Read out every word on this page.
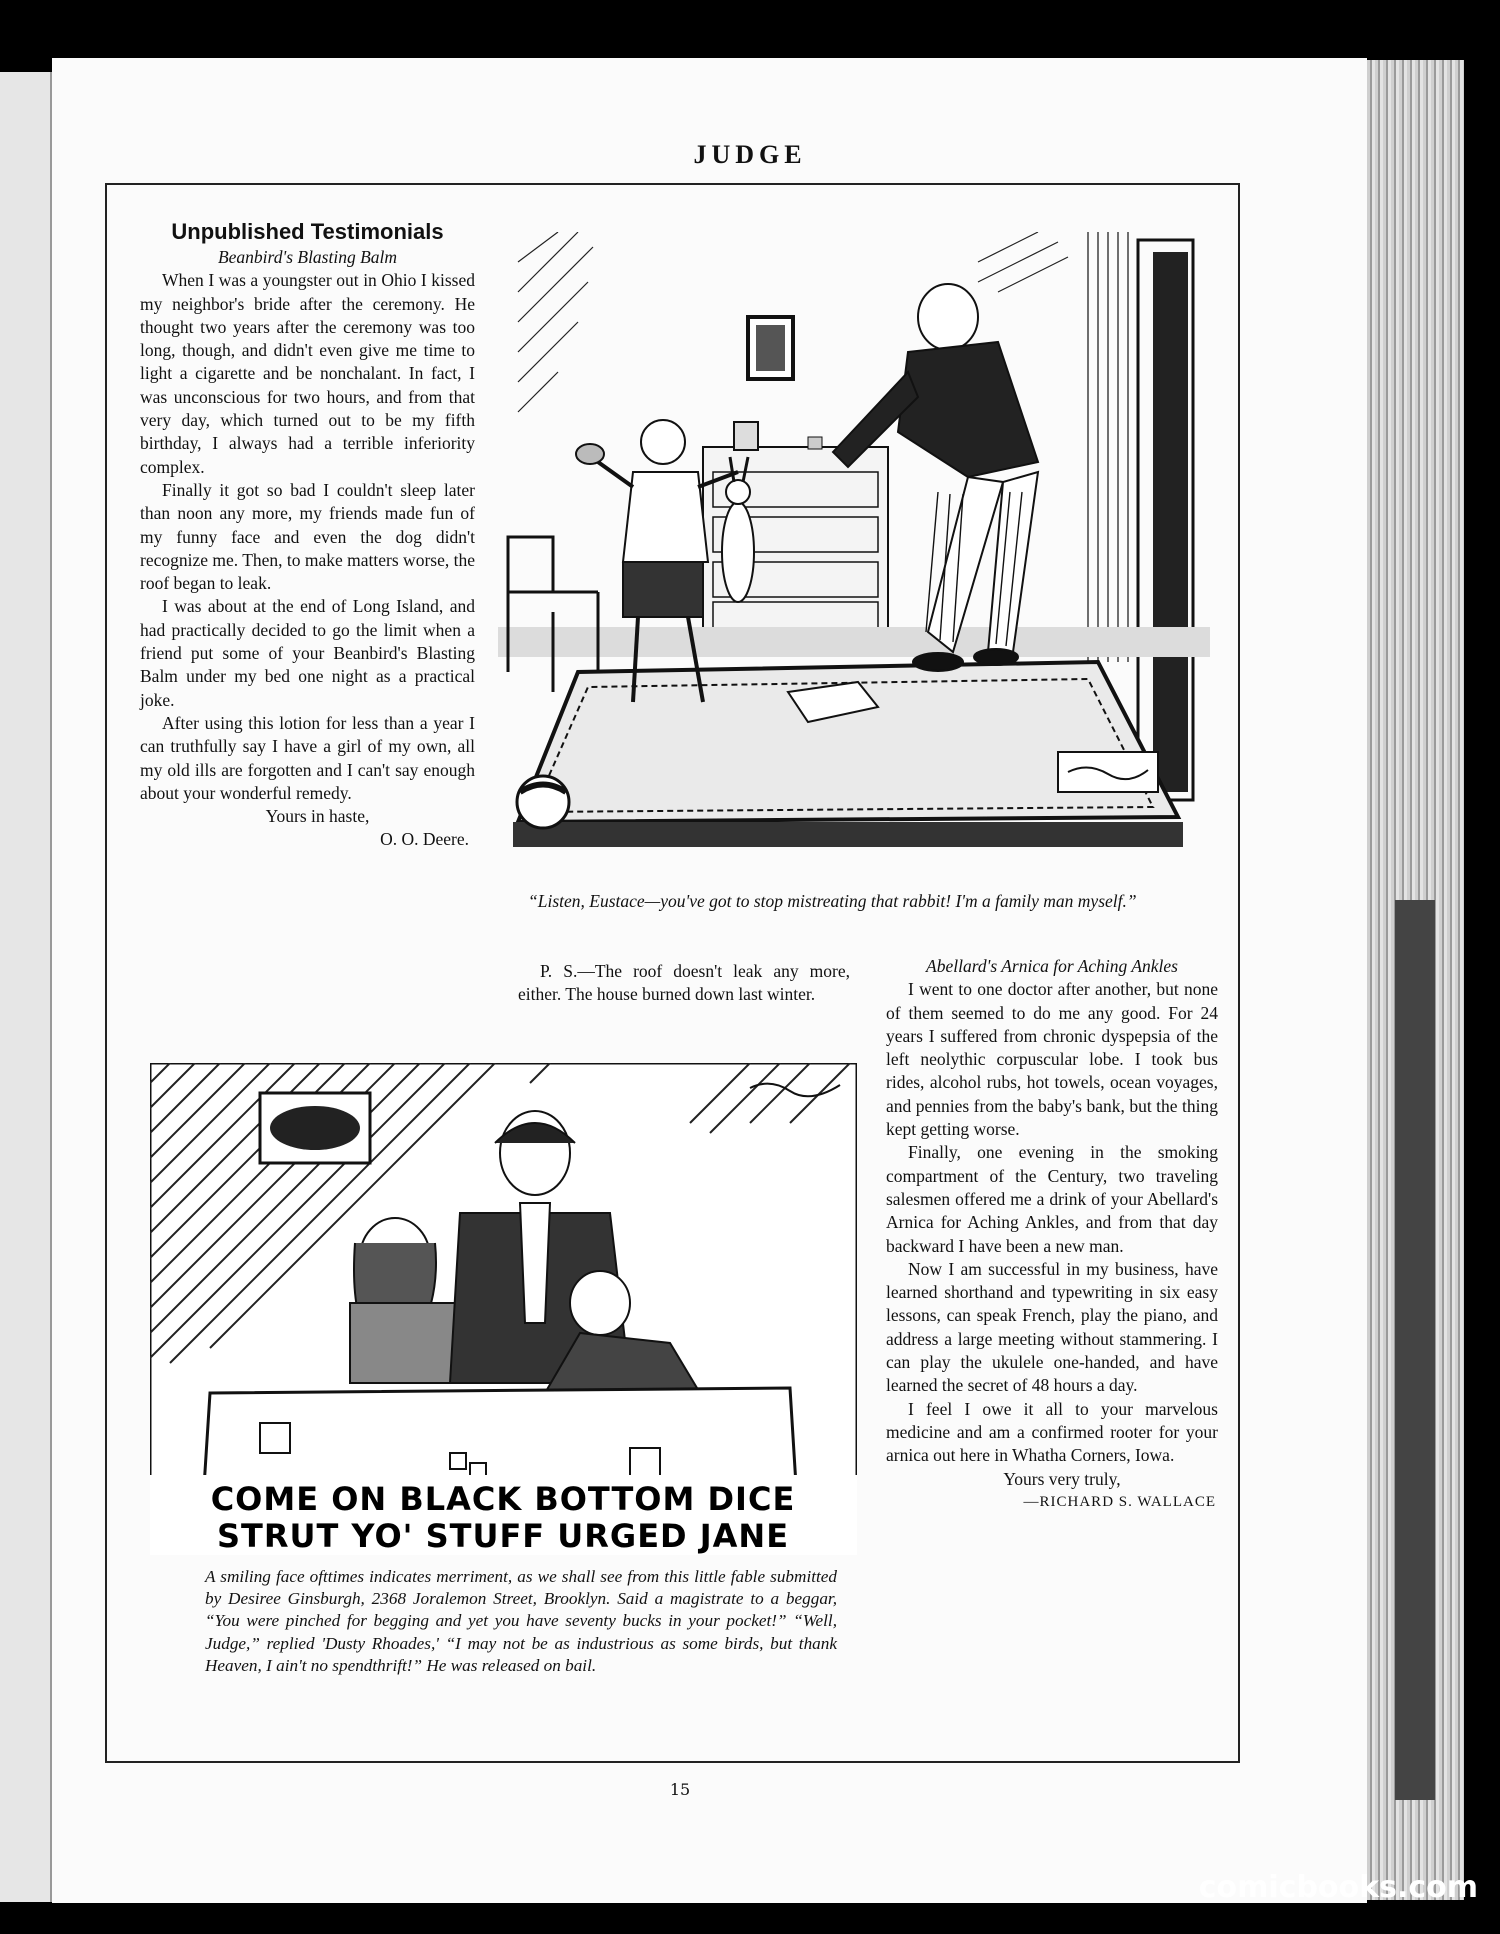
JUDGE
Unpublished Testimonials
Beanbird's Blasting Balm

When I was a youngster out in Ohio I kissed my neighbor's bride after the ceremony. He thought two years after the ceremony was too long, though, and didn't even give me time to light a cigarette and be nonchalant. In fact, I was unconscious for two hours, and from that very day, which turned out to be my fifth birthday, I always had a terrible inferiority complex.

Finally it got so bad I couldn't sleep later than noon any more, my friends made fun of my funny face and even the dog didn't recognize me. Then, to make matters worse, the roof began to leak.

I was about at the end of Long Island, and had practically decided to go the limit when a friend put some of your Beanbird's Blasting Balm under my bed one night as a practical joke.

After using this lotion for less than a year I can truthfully say I have a girl of my own, all my old ills are forgotten and I can't say enough about your wonderful remedy.

Yours in haste,
O. O. Deere.
“Listen, Eustace—you've got to stop mistreating that rabbit! I'm a family man myself.”

P. S.—The roof doesn't leak any more, either. The house burned down last winter.

Abellard's Arnica for Aching Ankles

I went to one doctor after another, but none of them seemed to do me any good. For 24 years I suffered from chronic dyspepsia of the left neolythic corpuscular lobe. I took bus rides, alcohol rubs, hot towels, ocean voyages, and pennies from the baby's bank, but the thing kept getting worse.

Finally, one evening in the smoking compartment of the Century, two traveling salesmen offered me a drink of your Abellard's Arnica for Aching Ankles, and from that day backward I have been a new man.

Now I am successful in my business, have learned shorthand and typewriting in six easy lessons, can speak French, play the piano, and address a large meeting without stammering. I can play the ukulele one-handed, and have learned the secret of 48 hours a day.

I feel I owe it all to your marvelous medicine and am a confirmed rooter for your arnica out here in Whatha Corners, Iowa.

Yours very truly,
—RICHARD S. WALLACE
COME ON BLACK BOTTOM DICE
STRUT YO' STUFF URGED JANE
A smiling face ofttimes indicates merriment, as we shall see from this little fable submitted by Desiree Ginsburgh, 2368 Joralemon Street, Brooklyn. Said a magistrate to a beggar, “You were pinched for begging and yet you have seventy bucks in your pocket!” “Well, Judge,” replied 'Dusty Rhoades,' “I may not be as industrious as some birds, but thank Heaven, I ain't no spendthrift!” He was released on bail.
15
comicbooks.com
